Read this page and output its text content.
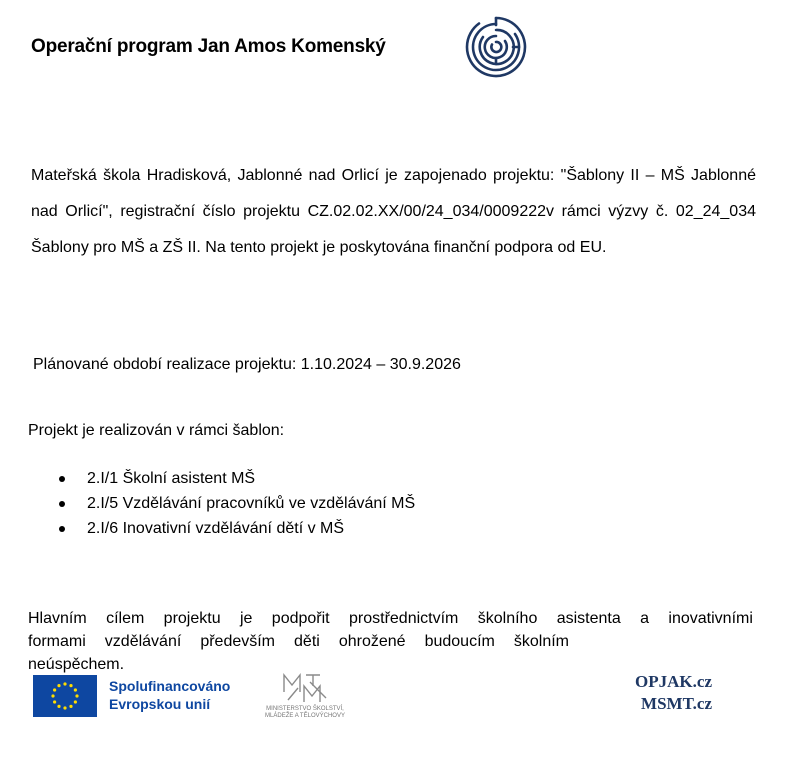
Operační program Jan Amos Komenský
Mateřská škola Hradisková, Jablonné nad Orlicí je zapojenado projektu: "Šablony II – MŠ Jablonné nad Orlicí", registrační číslo projektu CZ.02.02.XX/00/24_034/0009222v rámci výzvy č. 02_24_034 Šablony pro MŠ a ZŠ II. Na tento projekt je poskytována finanční podpora od EU.
Plánované období realizace projektu: 1.10.2024 – 30.9.2026
Projekt je realizován v rámci šablon:
2.I/1 Školní asistent MŠ
2.I/5 Vzdělávání pracovníků ve vzdělávání MŠ
2.I/6 Inovativní vzdělávání dětí v MŠ
Hlavním cílem projektu je podpořit prostřednictvím školního asistenta a inovativními
formami vzdělávání především děti ohrožené budoucím školním
neúspěchem.
Spolufinancováno
Evropskou unií	MINISTERSTVO ŠKOLSTVÍ,
MLÁDEŽE A TĚLOVÝCHOVY
OPJAK.cz
MSMT.cz
